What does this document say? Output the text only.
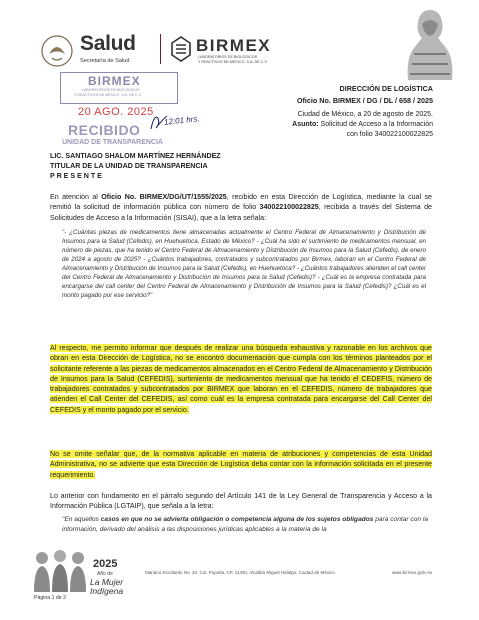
Salud
Secretaría de Salud
BIRMEX
LABORATORIOS DE BIOLÓGICOS
Y REACTIVOS DE MÉXICO, S.A. DE C.V.
DIRECCIÓN DE LOGÍSTICA
Oficio No. BIRMEX / DG / DL / 658 / 2025
Ciudad de México, a 20 de agosto de 2025.
Asunto: Solicitud de Acceso a la Información
con folio 340022100022825
BIRMEX
LABORATORIOS DE BIOLÓGICOS
Y REACTIVOS DE MÉXICO, S.A. DE C.V.
20 AGO. 2025
RECIBIDO
UNIDAD DE TRANSPARENCIA
12:01 hrs.
LIC. SANTIAGO SHALOM MARTÍNEZ HERNÁNDEZ
TITULAR DE LA UNIDAD DE TRANSPARENCIA
P R E S E N T E

En atención al Oficio No. BIRMEX/DG/UT/1555/2025, recibido en esta Dirección de Logística, mediante la cual se remitió la solicitud de información pública con número de folio 340022100022825, recibida a través del Sistema de Solicitudes de Acceso a la Información (SISAI), que a la letra señala:

"- ¿Cuántas piezas de medicamentos tiene almacenadas actualmente el Centro Federal de Almacenamiento y Distribución de Insumos para la Salud (Cefedis), en Huehuetoca, Estado de México? - ¿Cuál ha sido el surtimiento de medicamentos mensual, en número de piezas, que ha tenido el Centro Federal de Almacenamiento y Distribución de Insumos para la Salud (Cefedis), de enero de 2024 a agosto de 2025? - ¿Cuántos trabajadores, contratados y subcontratados por Birmex, laboran en el Centro Federal de Almacenamiento y Distribución de Insumos para la Salud (Cefedis), en Huehuetoca? - ¿Cuántos trabajadores atienden el call center del Centro Federal de Almacenamiento y Distribución de Insumos para la Salud (Cefedis)? - ¿Cuál es la empresa contratada para encargarse del call center del Centro Federal de Almacenamiento y Distribución de Insumos para la Salud (Cefedis)? ¿Cuál es el monto pagado por ese servicio?"

Al respecto, me permito informar que después de realizar una búsqueda exhaustiva y razonable en los archivos que obran en esta Dirección de Logística, no se encontró documentación que cumpla con los términos planteados por el solicitante referente a las piezas de medicamentos almacenados en el Centro Federal de Almacenamiento y Distribución de Insumos para la Salud (CEFEDIS), surtimiento de medicamentos mensual que ha tenido el CEDEFIS, número de trabajadores contratados y subcontratados por BIRMEX que laboran en el CEFEDIS, número de trabajadores que atienden el Call Center del CEFEDIS, así como cuál es la empresa contratada para encargarse del Call Center del CEFEDIS y el monto pagado por el servicio.

No se omite señalar que, de la normativa aplicable en materia de atribuciones y competencias de esta Unidad Administrativa, no se advierte que esta Dirección de Logística deba contar con la información solicitada en el presente requerimiento.

Lo anterior con fundamento en el párrafo segundo del Artículo 141 de la Ley General de Transparencia y Acceso a la Información Pública (LGTAIP), que señala a la letra:

"En aquellos casos en que no se advierta obligación o competencia alguna de los sujetos obligados para contar con la información, derivado del análisis a las disposiciones jurídicas aplicables a la materia de la

2025
Año de
La Mujer
Indígena
Mariano Escobedo No. 20, Col. Popotla, CP. 11400, Alcaldía Miguel Hidalgo, Ciudad de México	www.birmex.gob.mx
Página 1 de 2
